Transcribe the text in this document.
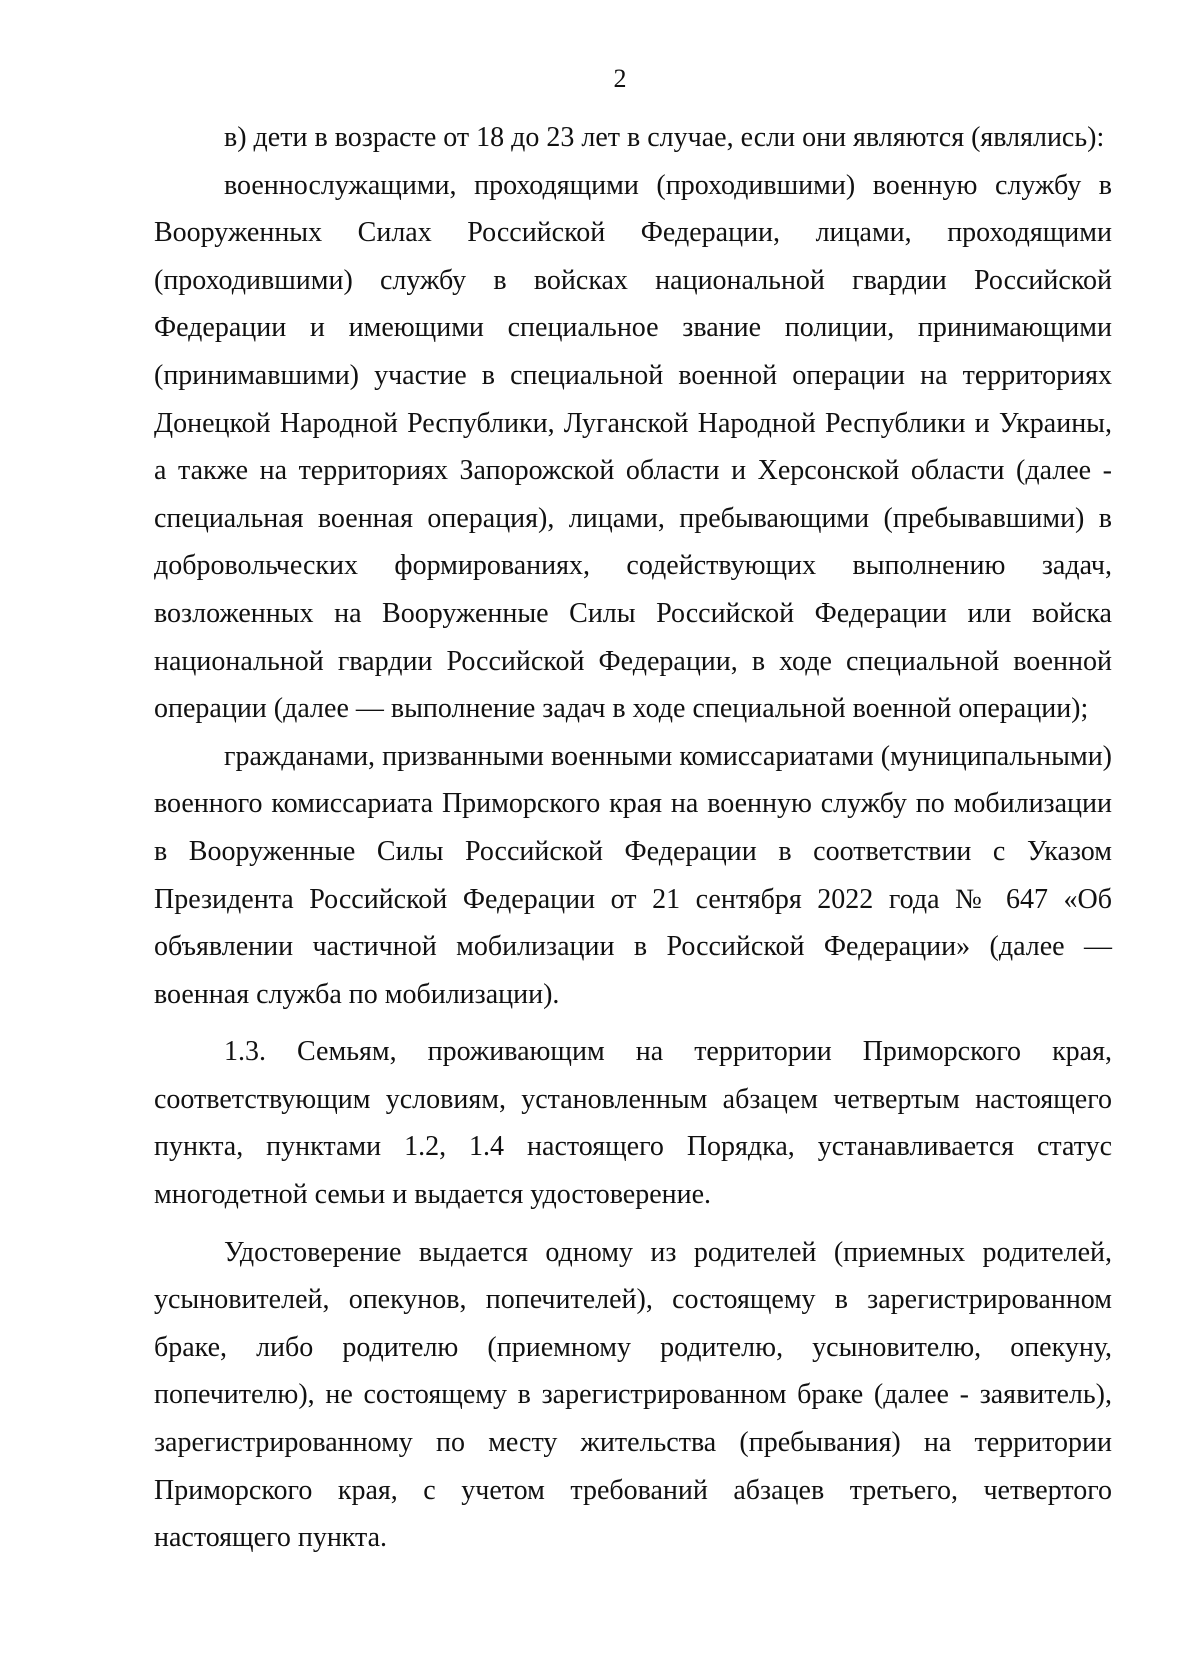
2

в) дети в возрасте от 18 до 23 лет в случае, если они являются (являлись):

военнослужащими, проходящими (проходившими) военную службу в Вооруженных Силах Российской Федерации, лицами, проходящими (проходившими) службу в войсках национальной гвардии Российской Федерации и имеющими специальное звание полиции, принимающими (принимавшими) участие в специальной военной операции на территориях Донецкой Народной Республики, Луганской Народной Республики и Украины, а также на территориях Запорожской области и Херсонской области (далее - специальная военная операция), лицами, пребывающими (пребывавшими) в добровольческих формированиях, содействующих выполнению задач, возложенных на Вооруженные Силы Российской Федерации или войска национальной гвардии Российской Федерации, в ходе специальной военной операции (далее — выполнение задач в ходе специальной военной операции);

гражданами, призванными военными комиссариатами (муниципальными) военного комиссариата Приморского края на военную службу по мобилизации в Вооруженные Силы Российской Федерации в соответствии с Указом Президента Российской Федерации от 21 сентября 2022 года № 647 «Об объявлении частичной мобилизации в Российской Федерации» (далее — военная служба по мобилизации).

1.3. Семьям, проживающим на территории Приморского края, соответствующим условиям, установленным абзацем четвертым настоящего пункта, пунктами 1.2, 1.4 настоящего Порядка, устанавливается статус многодетной семьи и выдается удостоверение.

Удостоверение выдается одному из родителей (приемных родителей, усыновителей, опекунов, попечителей), состоящему в зарегистрированном браке, либо родителю (приемному родителю, усыновителю, опекуну, попечителю), не состоящему в зарегистрированном браке (далее - заявитель), зарегистрированному по месту жительства (пребывания) на территории Приморского края, с учетом требований абзацев третьего, четвертого настоящего пункта.
